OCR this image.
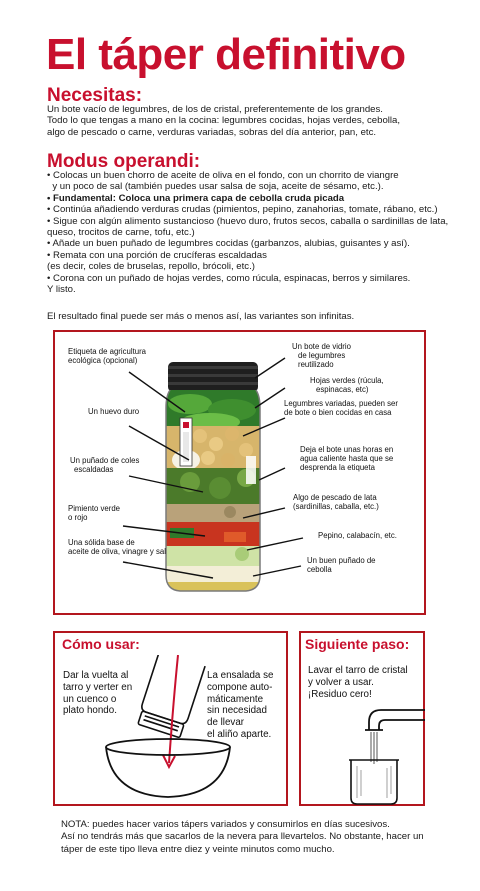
El táper definitivo
Necesitas:
Un bote vacío de legumbres, de los de cristal, preferentemente de los grandes.
Todo lo que tengas a mano en la cocina: legumbres cocidas, hojas verdes, cebolla,
algo de pescado o carne, verduras variadas, sobras del día anterior, pan, etc.
Modus operandi:
• Colocas un buen chorro de aceite de oliva en el fondo, con un chorrito de viangre
y un poco de sal (también puedes usar salsa de soja, aceite de sésamo, etc.).
• Fundamental: Coloca una primera capa de cebolla cruda picada
• Continúa añadiendo verduras crudas (pimientos, pepino, zanahorias, tomate, rábano, etc.)
• Sigue con algún alimento sustancioso (huevo duro, frutos secos, caballa o sardinillas de lata,
queso, trocitos de carne, tofu, etc.)
• Añade un buen puñado de legumbres cocidas (garbanzos, alubias, guisantes y así).
• Remata con una porción de crucíferas escaldadas
(es decir, coles de bruselas, repollo, brócoli, etc.)
• Corona con un puñado de hojas verdes, como rúcula, espinacas, berros y similares.
Y listo.
El resultado final puede ser más o menos así, las variantes son infinitas.
Etiqueta de agricultura
ecológica (opcional)
Un bote de vidrio
de legumbres
reutilizado
Hojas verdes (rúcula,
espinacas, etc)
Legumbres variadas, pueden ser
de bote o bien cocidas en casa
Un huevo duro
Deja el bote unas horas en
agua caliente hasta que se
desprenda la etiqueta
Un puñado de coles
escaldadas
Algo de pescado de lata
(sardinillas, caballa, etc.)
Pimiento verde
o rojo
Pepino, calabacín, etc.
Una sólida base de
aceite de oliva, vinagre y sal
Un buen puñado de
cebolla
Cómo usar:
Dar la vuelta al
tarro y verter en
un cuenco o
plato hondo.
La ensalada se
compone auto-
máticamente
sin necesidad
de llevar
el aliño aparte.
Siguiente paso:
Lavar el tarro de cristal
y volver a usar.
¡Residuo cero!
NOTA: puedes hacer varios tápers variados y consumirlos en días sucesivos.
Así no tendrás más que sacarlos de la nevera para llevartelos. No obstante, hacer un
táper de este tipo lleva entre diez y veinte minutos como mucho.
